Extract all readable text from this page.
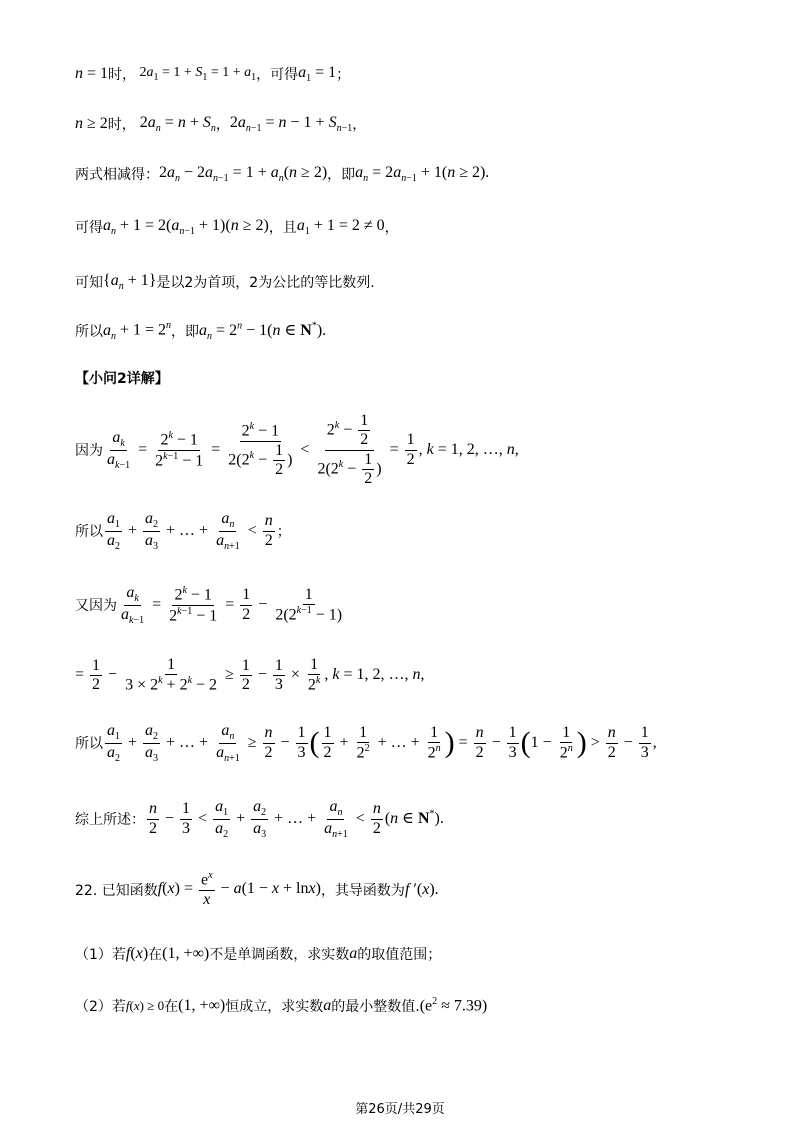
n = 1 时， $2a_1 = 1 + S_1 = 1 + a_1$ ，可得 $a_1 = 1$ ；
n ≥ 2 时， $2a_n = n + S_n$ ， $2a_{n-1} = n - 1 + S_{n-1}$ ，
两式相减得： $2a_n - 2a_{n-1} = 1 + a_n(n \ge 2)$ ，即 $a_n = 2a_{n-1} + 1(n \ge 2)$.
可得 $a_n + 1 = 2(a_{n-1} + 1)(n \ge 2)$ ，且 $a_1 + 1 = 2 \ne 0$ ，
可知 $\{a_n + 1\}$ 是以2为首项，2为公比的等比数列.
所以 $a_n + 1 = 2^n$ ，即 $a_n = 2^n - 1(n$ ∈ N*).
【小问2详解】
因为 $\frac{a_k}{a_{k-1}} = \frac{2^k - 1}{2^{k-1} - 1} = \frac{2^k - 1}{2(2^k - \frac{1}{2} )} < \frac{2^k - \frac{1}{2}}{2(2^k - \frac{1}{2} )} = \frac{1}{2}$ , k = 1, 2, …, n,
所以 $\frac{a_1}{a_2} + \frac{a_2}{a_3}$ + … + $\frac{a_n}{a_{n+1}} < \frac{n}{2}$ ；
又因为 $\frac{a_k}{a_{k-1}} = \frac{2^k - 1}{2^{k-1} - 1} = \frac{1}{2} - \frac{1}{2(2^{k-1} - 1)}$
= $\frac{1}{2} - \frac{1}{3 \times 2^k + 2^k - 2} \ge \frac{1}{2} - \frac{1}{3} \times \frac{1}{2^k}$ , k = 1, 2, …, n,
所以 $\frac{a_1}{a_2} + \frac{a_2}{a_3}$ + … + $\frac{a_n}{a_{n+1}} \ge \frac{n}{2} - \frac{1}{3}$ ( $\frac{1}{2} + \frac{1}{2^2}$ + … + $\frac{1}{2^n}$ ) = $\frac{n}{2} - \frac{1}{3} (1 - \frac{1}{2^n}$ ) > $\frac{n}{2} - \frac{1}{3}$ ,
综上所述： $\frac{n}{2} - \frac{1}{3} < \frac{a_1}{a_2} + \frac{a_2}{a_3}$ + … + $\frac{a_n}{a_{n+1}} < \frac{n}{2} (n$ ∈ N*).
22. 已知函数 $f(x) = \frac{e^x}{x} - a(1 - x + \ln x)$ ，其导函数为 f ′(x).
（1）若 f(x) 在 (1, +∞) 不是单调函数，求实数 a 的取值范围；
（2）若 f(x) ≥ 0 在 (1, +∞) 恒成立，求实数 a 的最小整数值. $(e^2 \approx 7.39)$
第26页/共29页
